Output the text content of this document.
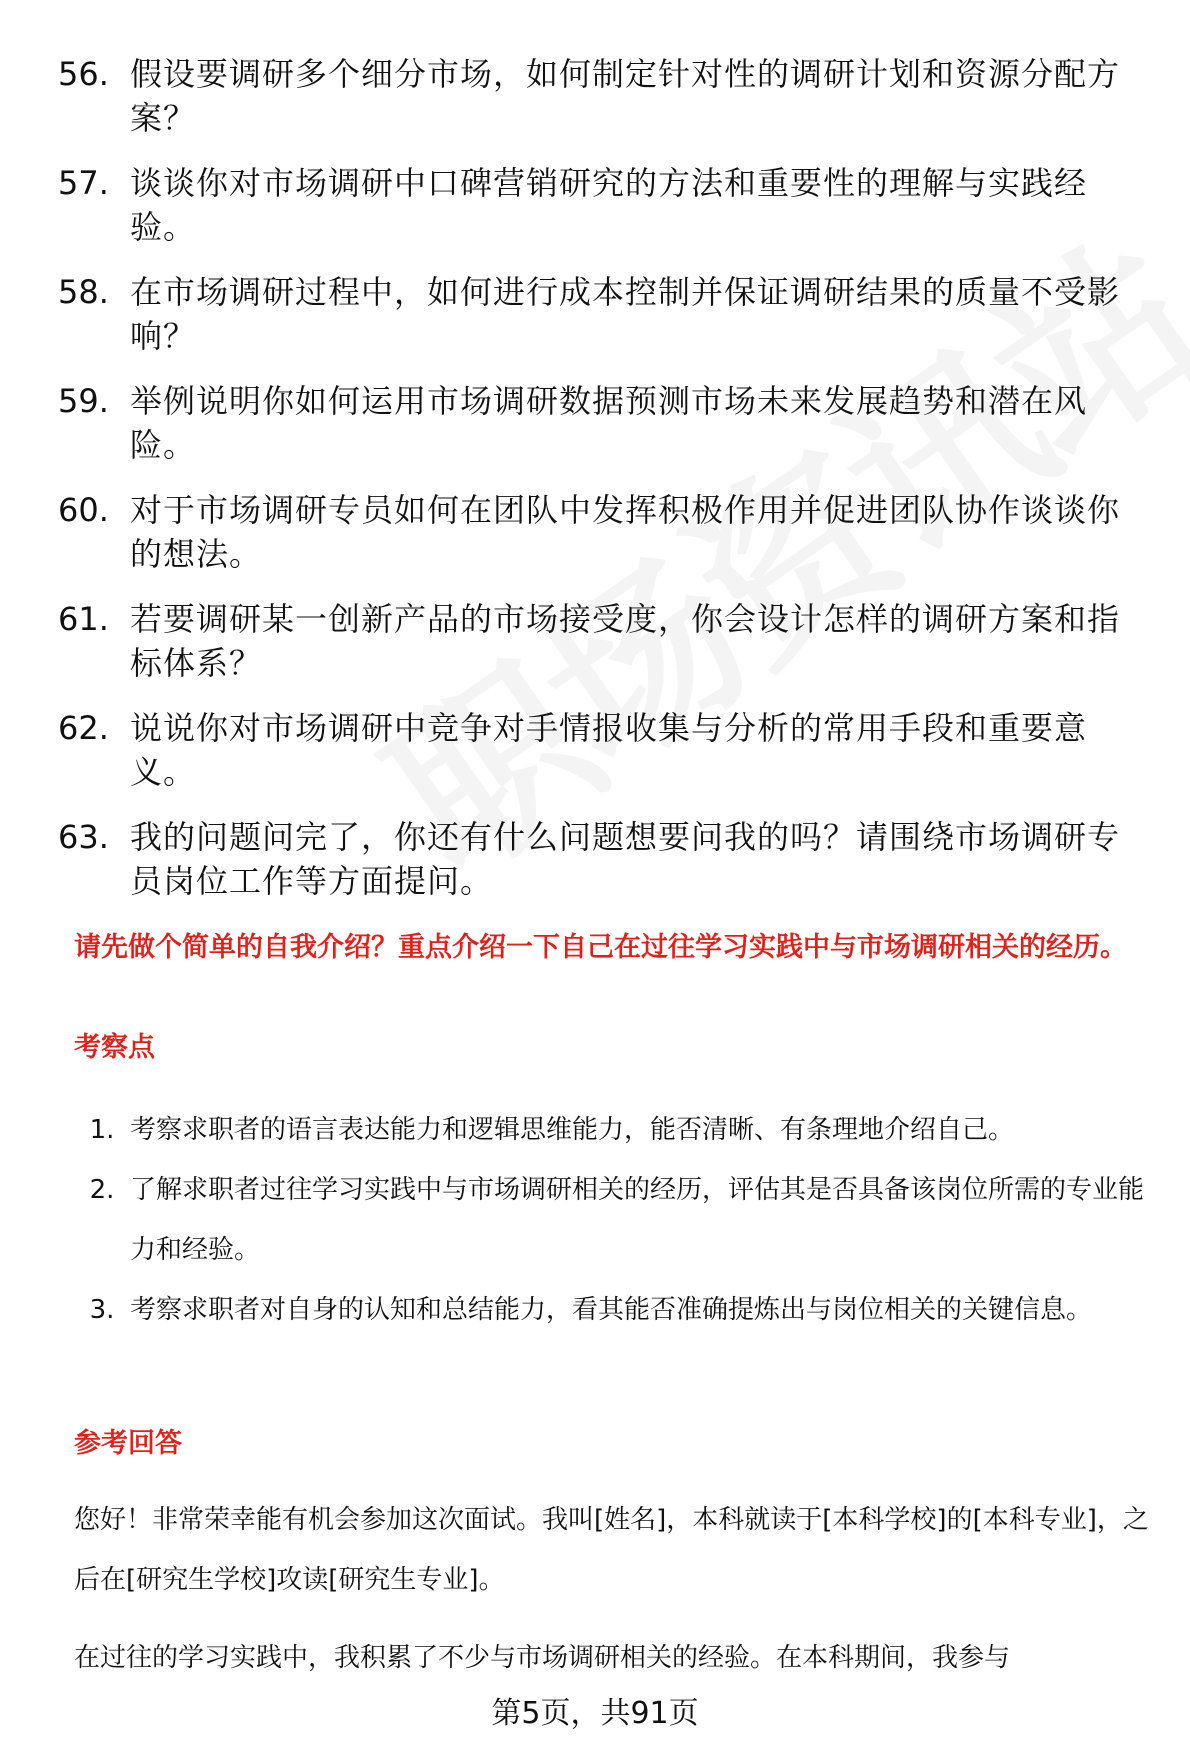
56. 假设要调研多个细分市场，如何制定针对性的调研计划和资源分配方案？
57. 谈谈你对市场调研中口碑营销研究的方法和重要性的理解与实践经验。
58. 在市场调研过程中，如何进行成本控制并保证调研结果的质量不受影响？
59. 举例说明你如何运用市场调研数据预测市场未来发展趋势和潜在风险。
60. 对于市场调研专员如何在团队中发挥积极作用并促进团队协作谈谈你的想法。
61. 若要调研某一创新产品的市场接受度，你会设计怎样的调研方案和指标体系？
62. 说说你对市场调研中竞争对手情报收集与分析的常用手段和重要意义。
63. 我的问题问完了，你还有什么问题想要问我的吗？请围绕市场调研专员岗位工作等方面提问。

请先做个简单的自我介绍？重点介绍一下自己在过往学习实践中与市场调研相关的经历。

考察点
1. 考察求职者的语言表达能力和逻辑思维能力，能否清晰、有条理地介绍自己。
2. 了解求职者过往学习实践中与市场调研相关的经历，评估其是否具备该岗位所需的专业能力和经验。
3. 考察求职者对自身的认知和总结能力，看其能否准确提炼出与岗位相关的关键信息。
参考回答

您好！非常荣幸能有机会参加这次面试。我叫[姓名]，本科就读于[本科学校]的[本科专业]，之后在[研究生学校]攻读[研究生专业]。

在过往的学习实践中，我积累了不少与市场调研相关的经验。在本科期间，我参与

第5页，共91页
